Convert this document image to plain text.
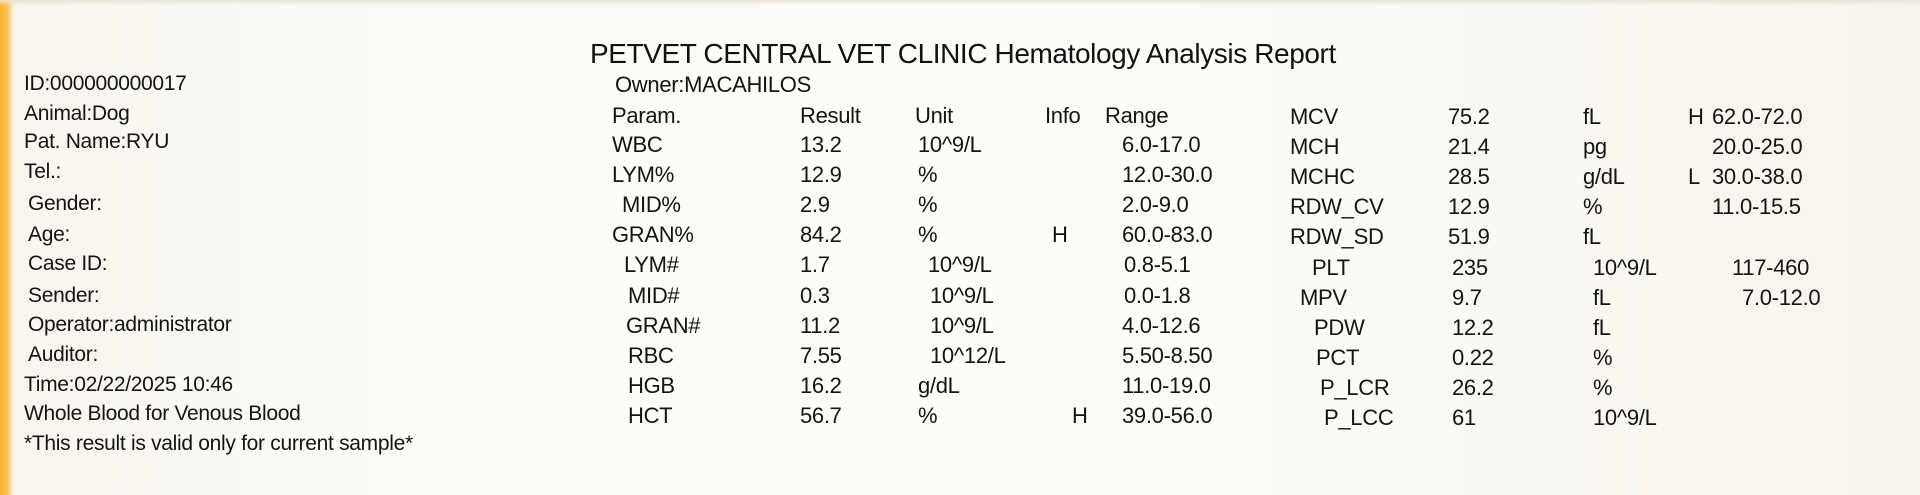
PETVET CENTRAL VET CLINIC Hematology Analysis Report
Owner:MACAHILOS
ID:000000000017
Animal:Dog
Pat. Name:RYU
Tel.:
Gender:
Age:
Case ID:
Sender:
Operator:administrator
Auditor:
Time:02/22/2025 10:46
Whole Blood for Venous Blood
*This result is valid only for current sample*
Param.	Result Unit	Info Range
WBC	13.2	10^9/L	6.0-17.0
LYM%	12.9	%	12.0-30.0
MID%	2.9	%	2.0-9.0
GRAN%	84.2	%	H 60.0-83.0
LYM#	1.7	10^9/L	0.8-5.1
MID#	0.3	10^9/L	0.0-1.8
GRAN#	11.2	10^9/L	4.0-12.6
RBC	7.55	10^12/L	5.50-8.50
HGB	16.2	g/dL	11.0-19.0
HCT	56.7	%	H 39.0-56.0
MCV	75.2	fL	H 62.0-72.0
MCH	21.4	pg	20.0-25.0
MCHC	28.5	g/dL	L 30.0-38.0
RDW_CV	12.9	%	11.0-15.5
RDW_SD	51.9	fL
PLT	235	10^9/L	117-460
MPV	9.7	fL	7.0-12.0
PDW	12.2	fL
PCT	0.22	%
P_LCR	26.2	%
P_LCC	61	10^9/L
